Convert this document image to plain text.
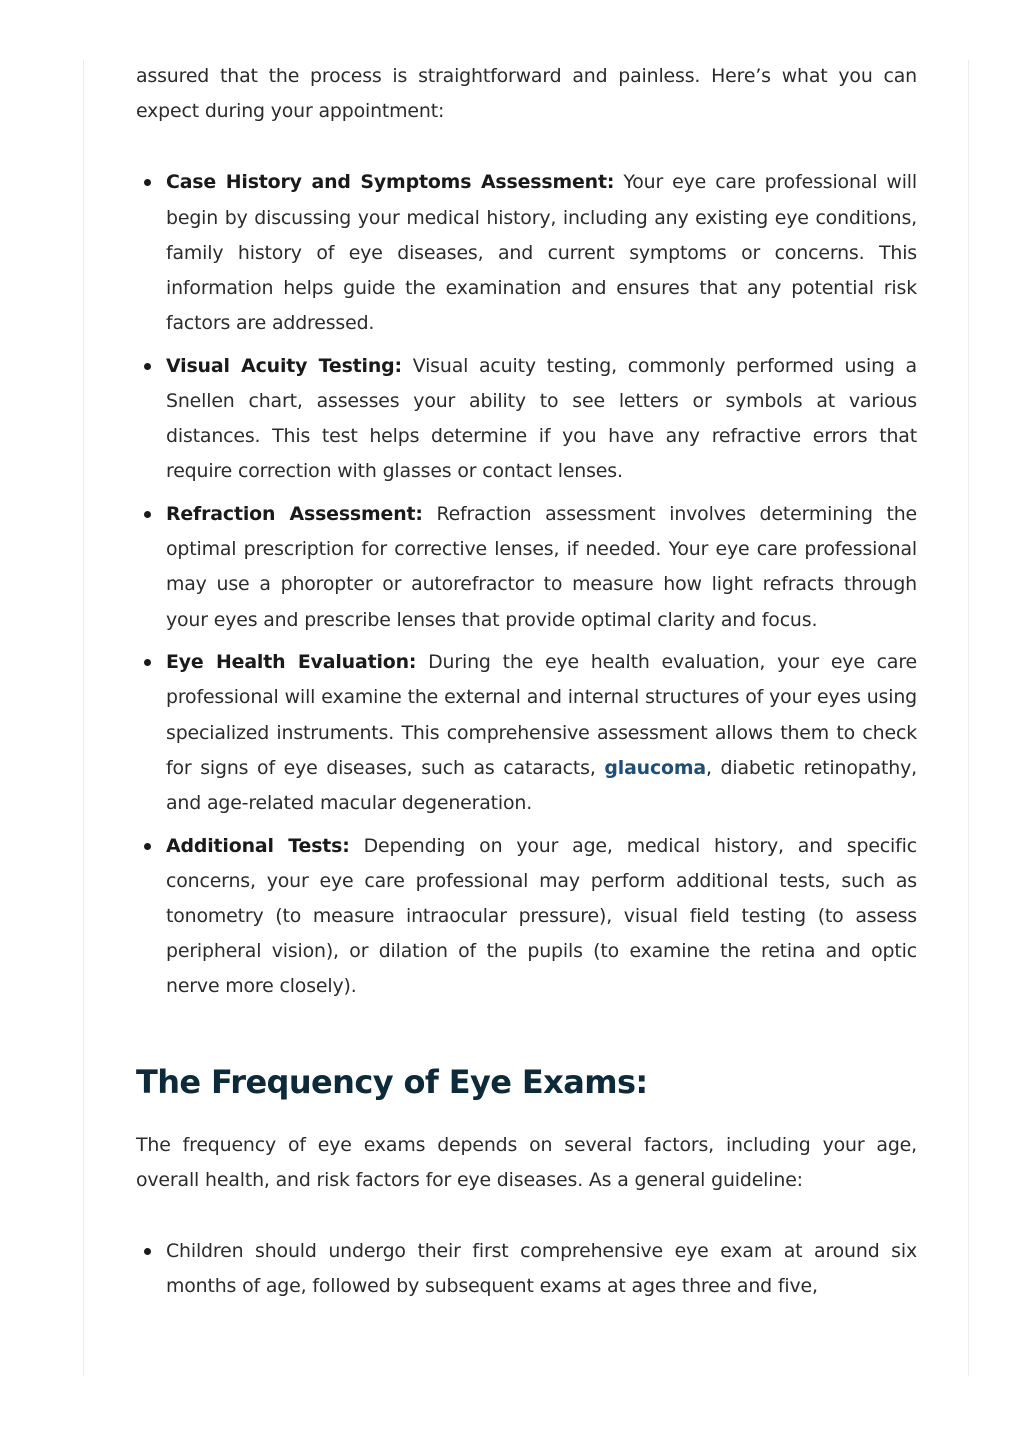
assured that the process is straightforward and painless. Here’s what you can expect during your appointment:

Case History and Symptoms Assessment: Your eye care professional will begin by discussing your medical history, including any existing eye conditions, family history of eye diseases, and current symptoms or concerns. This information helps guide the examination and ensures that any potential risk factors are addressed.
Visual Acuity Testing: Visual acuity testing, commonly performed using a Snellen chart, assesses your ability to see letters or symbols at various distances. This test helps determine if you have any refractive errors that require correction with glasses or contact lenses.
Refraction Assessment: Refraction assessment involves determining the optimal prescription for corrective lenses, if needed. Your eye care professional may use a phoropter or autorefractor to measure how light refracts through your eyes and prescribe lenses that provide optimal clarity and focus.
Eye Health Evaluation: During the eye health evaluation, your eye care professional will examine the external and internal structures of your eyes using specialized instruments. This comprehensive assessment allows them to check for signs of eye diseases, such as cataracts, glaucoma, diabetic retinopathy, and age-related macular degeneration.
Additional Tests: Depending on your age, medical history, and specific concerns, your eye care professional may perform additional tests, such as tonometry (to measure intraocular pressure), visual field testing (to assess peripheral vision), or dilation of the pupils (to examine the retina and optic nerve more closely).
The Frequency of Eye Exams:

The frequency of eye exams depends on several factors, including your age, overall health, and risk factors for eye diseases. As a general guideline:

Children should undergo their first comprehensive eye exam at around six months of age, followed by subsequent exams at ages three and five,
